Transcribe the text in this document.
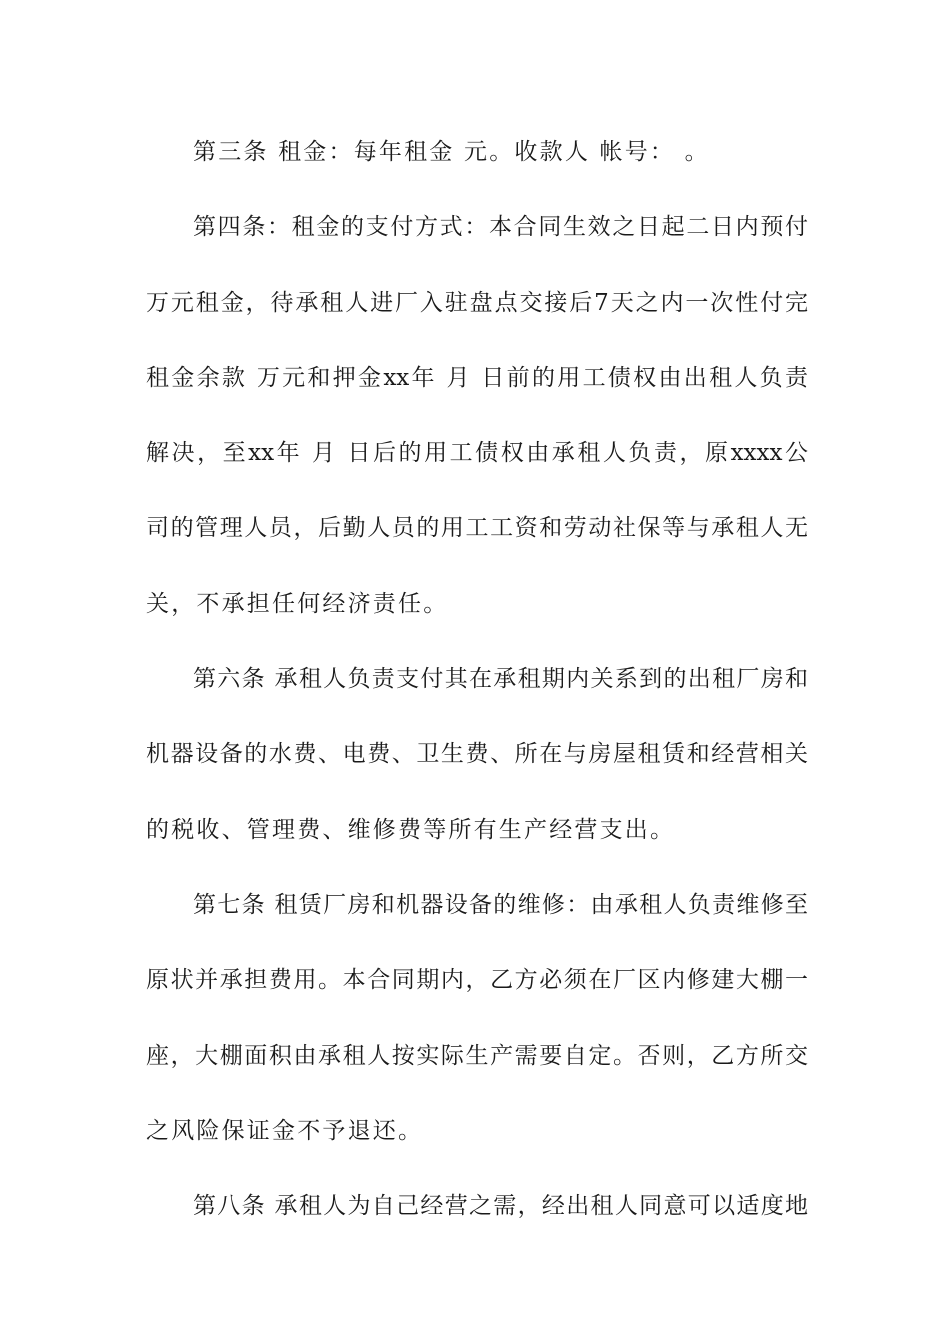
第三条 租金：每年租金 元。收款人 帐号： 。
第四条：租金的支付方式：本合同生效之日起二日内预付
万元租金，待承租人进厂入驻盘点交接后7天之内一次性付完
租金余款 万元和押金xx年 月 日前的用工债权由出租人负责
解决，至xx年 月 日后的用工债权由承租人负责，原xxxx公
司的管理人员，后勤人员的用工工资和劳动社保等与承租人无
关，不承担任何经济责任。
第六条 承租人负责支付其在承租期内关系到的出租厂房和
机器设备的水费、电费、卫生费、所在与房屋租赁和经营相关
的税收、管理费、维修费等所有生产经营支出。
第七条 租赁厂房和机器设备的维修：由承租人负责维修至
原状并承担费用。本合同期内，乙方必须在厂区内修建大棚一
座，大棚面积由承租人按实际生产需要自定。否则，乙方所交
之风险保证金不予退还。
第八条 承租人为自己经营之需，经出租人同意可以适度地
